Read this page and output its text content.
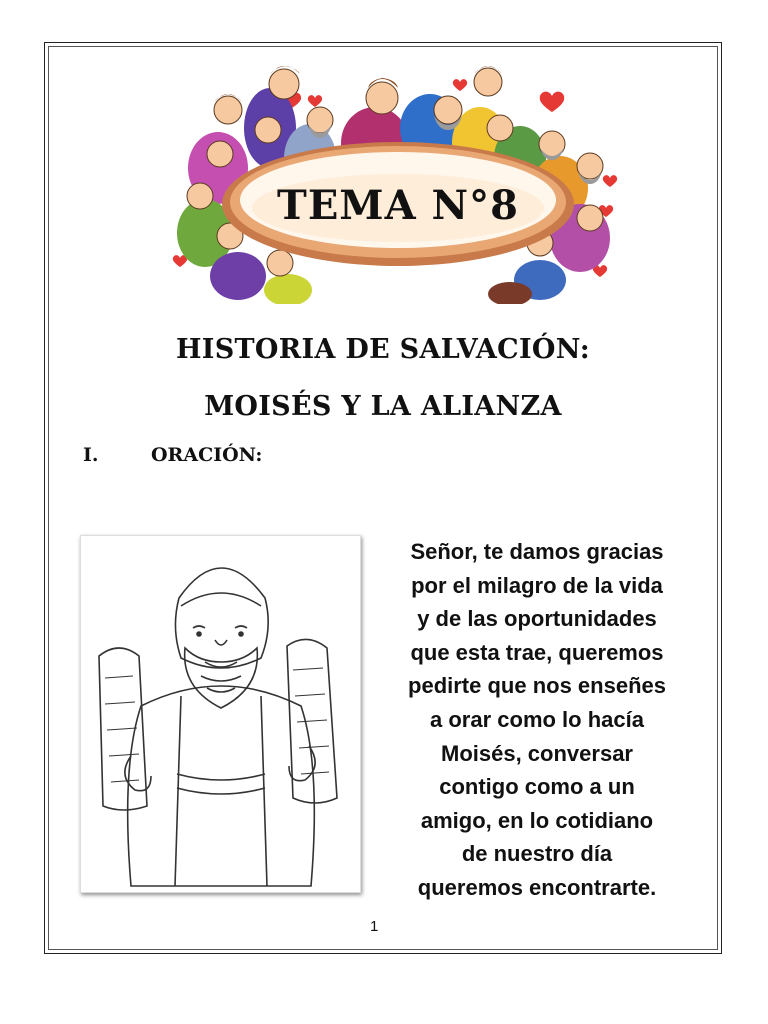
TEMA N°8
HISTORIA DE SALVACIÓN:
MOISÉS Y LA ALIANZA
I.	ORACIÓN:
Señor, te damos gracias
por el milagro de la vida
y de las oportunidades
que esta trae, queremos
pedirte que nos enseñes
a orar como lo hacía
Moisés, conversar
contigo como a un
amigo, en lo cotidiano
de nuestro día
queremos encontrarte.
1
